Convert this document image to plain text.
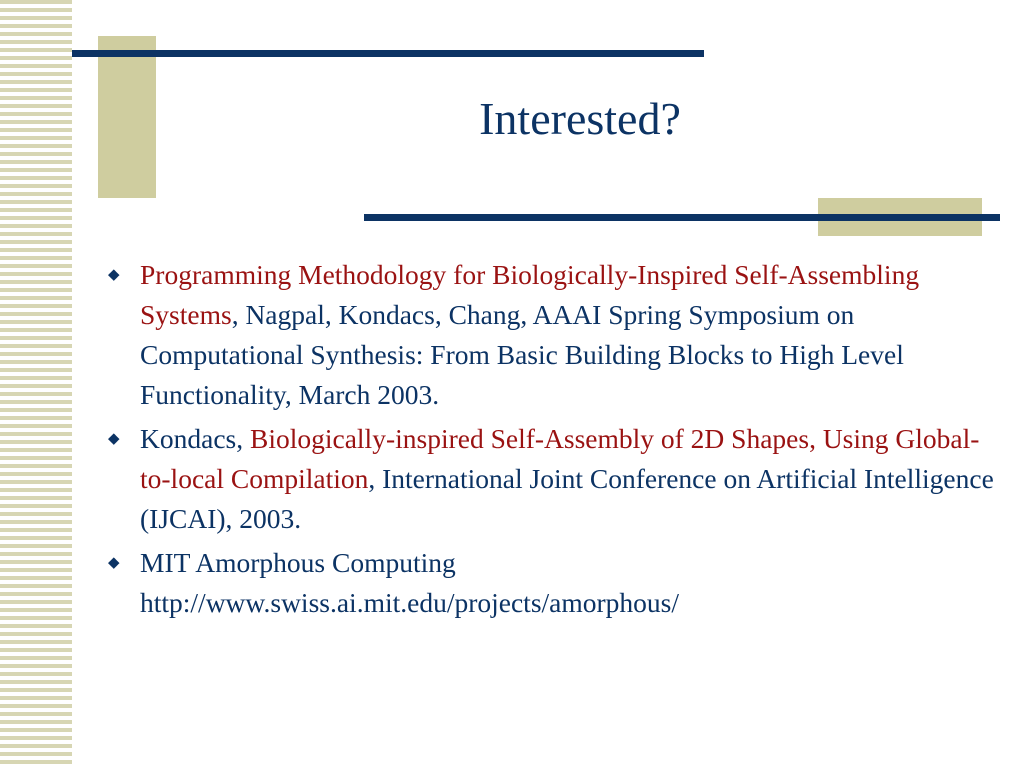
Interested?
◆ Programming Methodology for Biologically-Inspired Self-Assembling Systems, Nagpal, Kondacs, Chang, AAAI Spring Symposium on Computational Synthesis: From Basic Building Blocks to High Level Functionality, March 2003.
◆ Kondacs, Biologically-inspired Self-Assembly of 2D Shapes, Using Global-to-local Compilation, International Joint Conference on Artificial Intelligence (IJCAI), 2003.
◆ MIT Amorphous Computing
http://www.swiss.ai.mit.edu/projects/amorphous/
